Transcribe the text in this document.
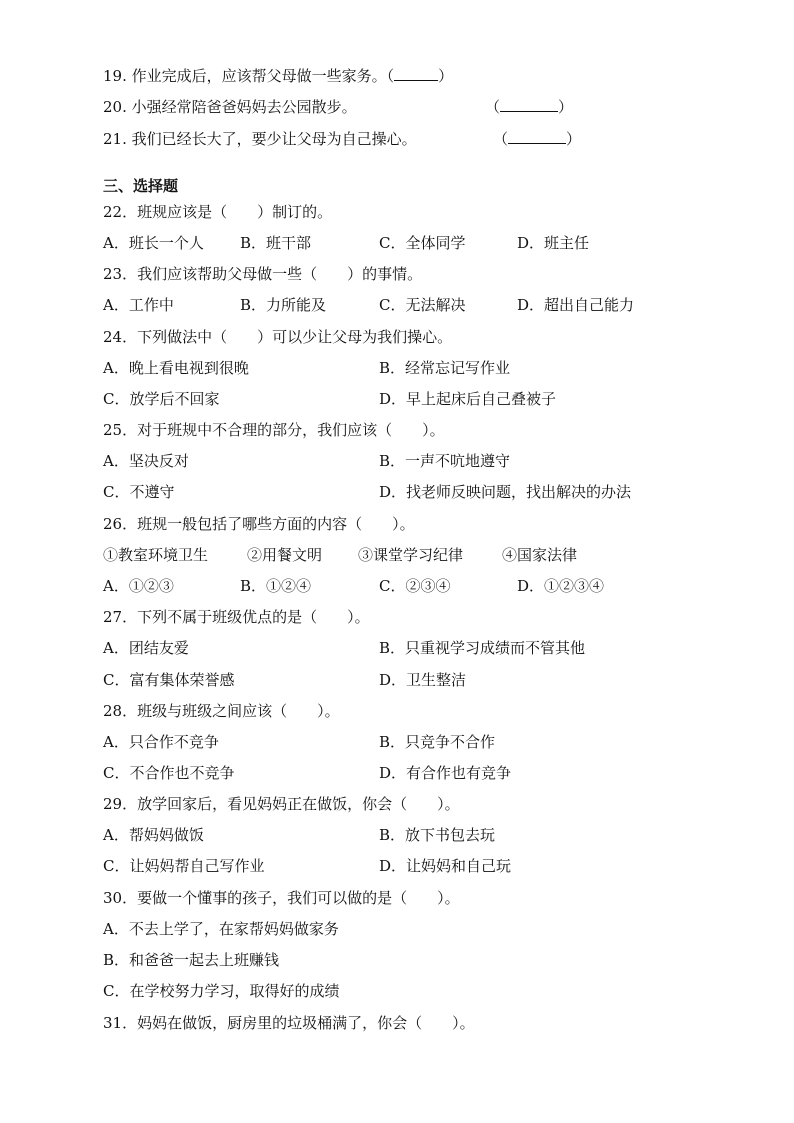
19. 作业完成后，应该帮父母做一些家务。（	）
20. 小强经常陪爸爸妈妈去公园散步。	（	）
21. 我们已经长大了，要少让父母为自己操心。	（	）
三、选择题
22．班规应该是（　　）制订的。
A．班长一个人 B．班干部	C．全体同学	D．班主任
23．我们应该帮助父母做一些（　　）的事情。
A．工作中	B．力所能及	C．无法解决	D．超出自己能力
24．下列做法中（　　）可以少让父母为我们操心。
A．晚上看电视到很晚	B．经常忘记写作业
C．放学后不回家	D．早上起床后自己叠被子
25．对于班规中不合理的部分，我们应该（　　）。
A．坚决反对	B．一声不吭地遵守
C．不遵守	D．找老师反映问题，找出解决的办法
26．班规一般包括了哪些方面的内容（　　）。
①教室环境卫生	②用餐文明 ③课堂学习纪律	④国家法律
A．①②③	B．①②④	C．②③④	D．①②③④
27．下列不属于班级优点的是（　　）。
A．团结友爱	B．只重视学习成绩而不管其他
C．富有集体荣誉感	D．卫生整洁
28．班级与班级之间应该（　　）。
A．只合作不竞争	B．只竞争不合作
C．不合作也不竞争	D．有合作也有竞争
29．放学回家后，看见妈妈正在做饭，你会（　　）。
A．帮妈妈做饭	B．放下书包去玩
C．让妈妈帮自己写作业	D．让妈妈和自己玩
30．要做一个懂事的孩子，我们可以做的是（　　）。
A．不去上学了，在家帮妈妈做家务
B．和爸爸一起去上班赚钱
C．在学校努力学习，取得好的成绩
31．妈妈在做饭，厨房里的垃圾桶满了，你会（　　）。
